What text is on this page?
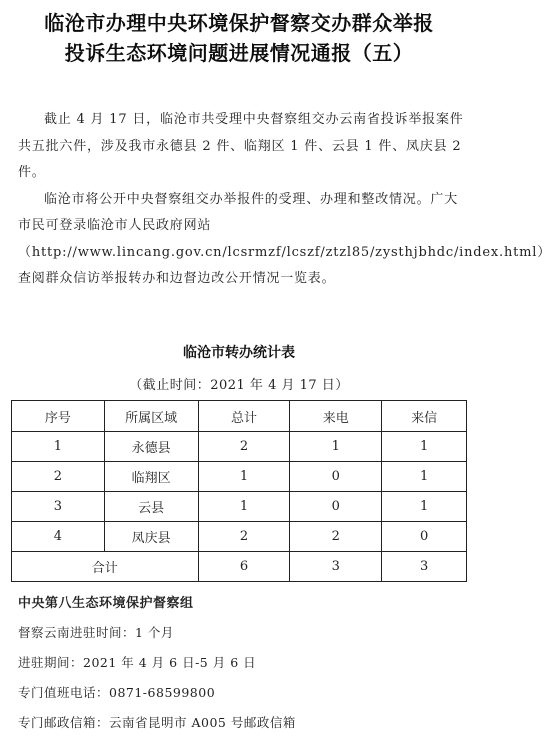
临沧市办理中央环境保护督察交办群众举报
投诉生态环境问题进展情况通报（五）

截止 4 月 17 日，临沧市共受理中央督察组交办云南省投诉举报案件共五批六件，涉及我市永德县 2 件、临翔区 1 件、云县 1 件、凤庆县 2 件。

临沧市将公开中央督察组交办举报件的受理、办理和整改情况。广大市民可登录临沧市人民政府网站（http://www.lincang.gov.cn/lcsrmzf/lcszf/ztzl85/zysthjbhdc/index.html）查阅群众信访举报转办和边督边改公开情况一览表。

临沧市转办统计表
（截止时间：2021 年 4 月 17 日）
序号	所属区域	总计	来电	来信
1	永德县	2	1	1
2	临翔区	1	0	1
3	云县	1	0	1
4	凤庆县	2	2	0
合计		6	3	3
中央第八生态环境保护督察组
督察云南进驻时间：1 个月
进驻期间：2021 年 4 月 6 日-5 月 6 日
专门值班电话：0871-68599800
专门邮政信箱：云南省昆明市 A005 号邮政信箱
